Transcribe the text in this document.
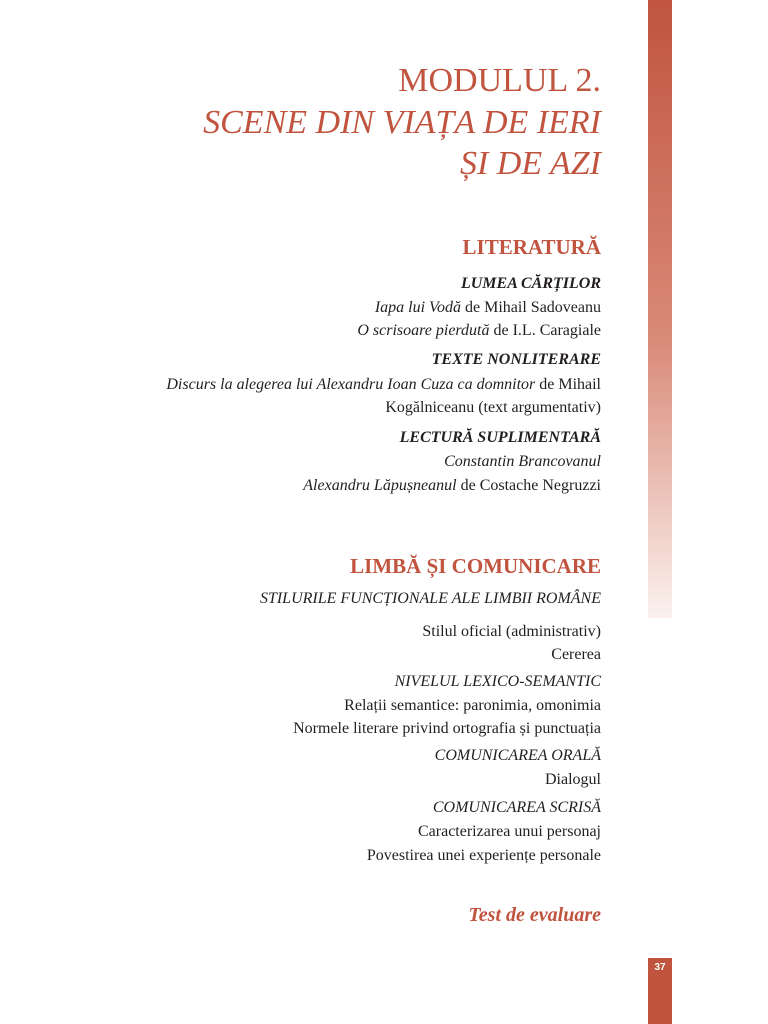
37
MODULUL 2.
SCENE DIN VIAȚA DE IERI
ȘI DE AZI
LITERATURĂ
LUMEA CĂRȚILOR
Iapa lui Vodă de Mihail Sadoveanu
O scrisoare pierdută de I.L. Caragiale
TEXTE NONLITERARE
Discurs la alegerea lui Alexandru Ioan Cuza ca domnitor de Mihail
Kogălniceanu (text argumentativ)
LECTURĂ SUPLIMENTARĂ
Constantin Brancovanul
Alexandru Lăpușneanul de Costache Negruzzi
LIMBĂ ȘI COMUNICARE
STILURILE FUNCȚIONALE ALE LIMBII ROMÂNE
Stilul oficial (administrativ)
Cererea
NIVELUL LEXICO-SEMANTIC
Relații semantice: paronimia, omonimia
Normele literare privind ortografia și punctuația
COMUNICAREA ORALĂ
Dialogul
COMUNICAREA SCRISĂ
Caracterizarea unui personaj
Povestirea unei experiențe personale
Test de evaluare
